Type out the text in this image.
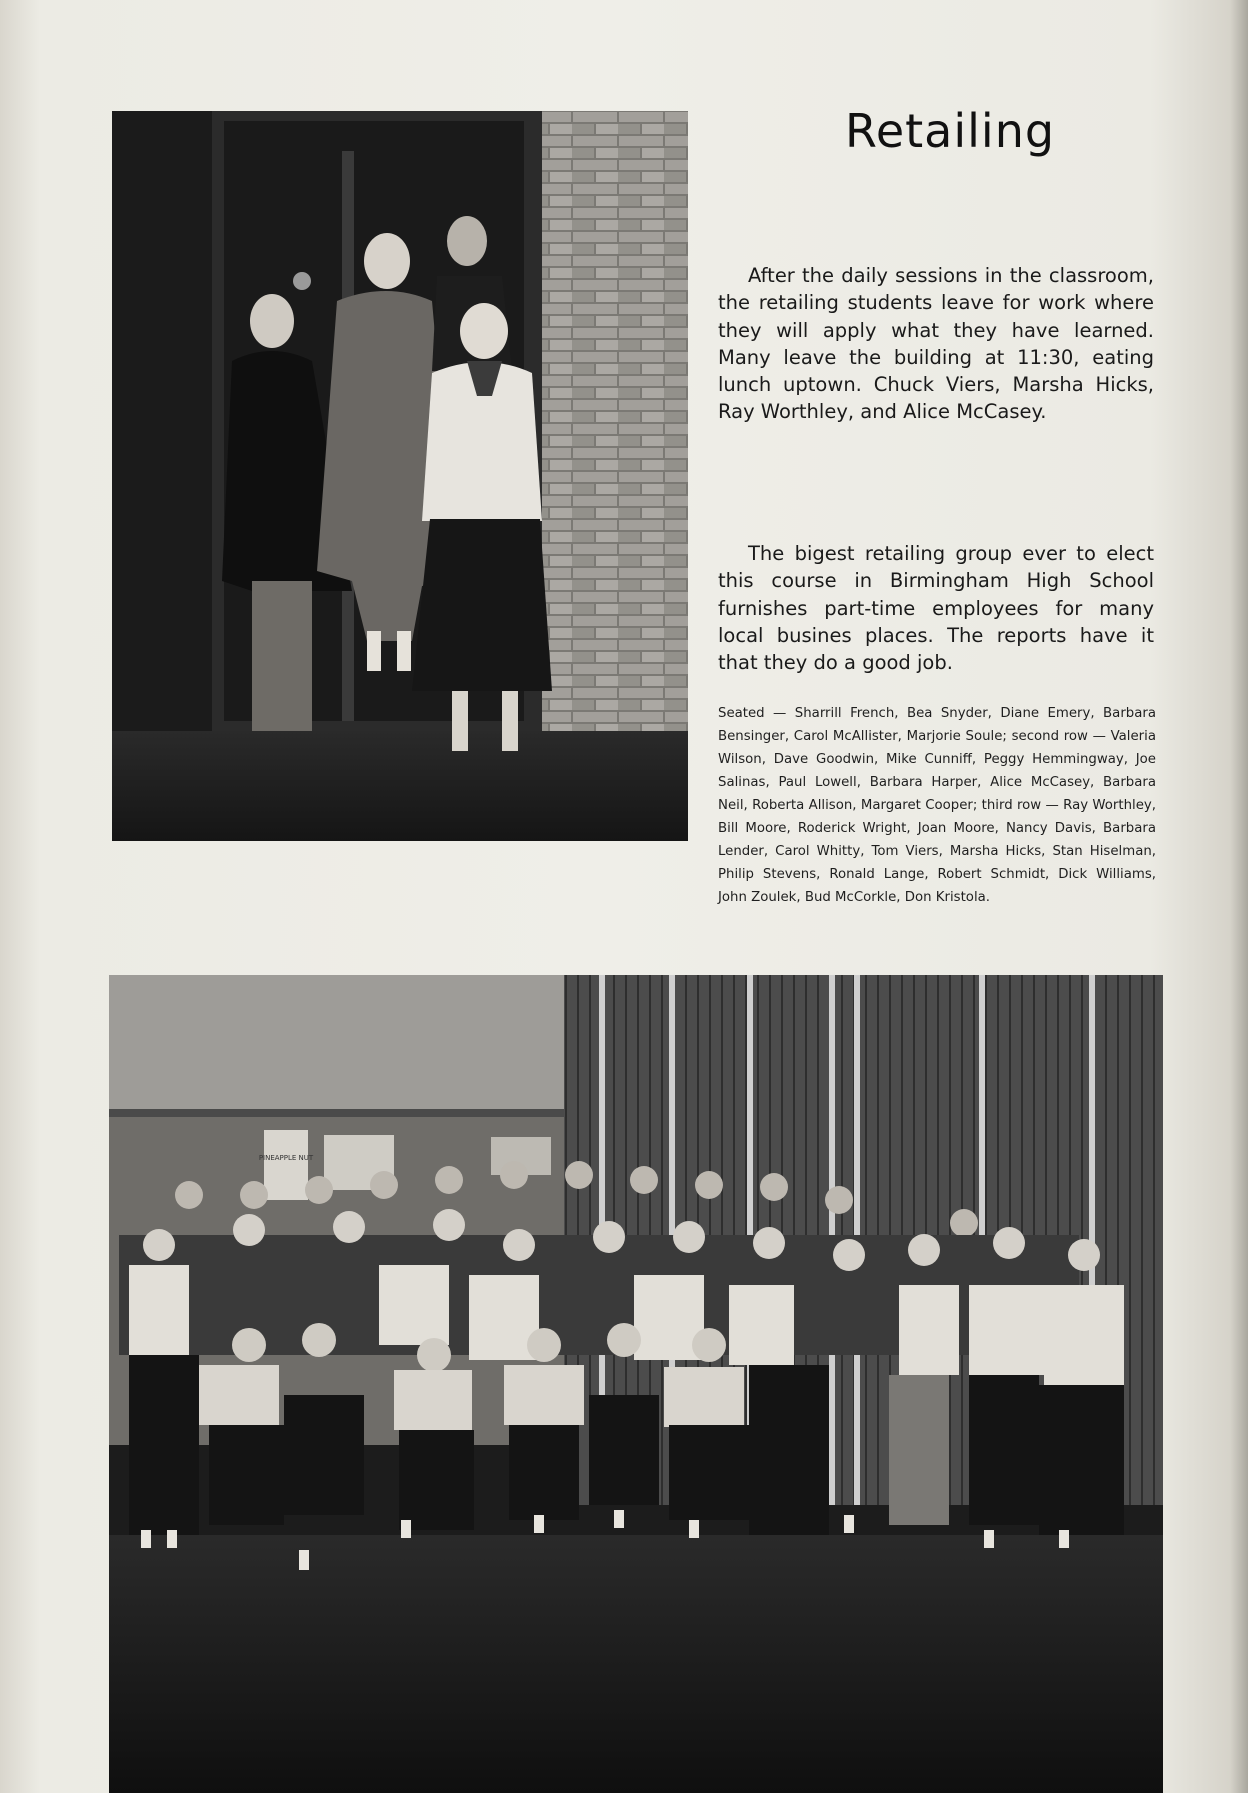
Retailing

After the daily sessions in the classroom, the retailing students leave for work where they will apply what they have learned. Many leave the building at 11:30, eating lunch uptown. Chuck Viers, Marsha Hicks, Ray Worthley, and Alice McCasey.

The bigest retailing group ever to elect this course in Birmingham High School furnishes part-time employees for many local busines places. The reports have it that they do a good job.

Seated — Sharrill French, Bea Snyder, Diane Emery, Barbara Bensinger, Carol McAllister, Marjorie Soule; second row — Valeria Wilson, Dave Goodwin, Mike Cunniff, Peggy Hemmingway, Joe Salinas, Paul Lowell, Barbara Harper, Alice McCasey, Barbara Neil, Roberta Allison, Margaret Cooper; third row — Ray Worthley, Bill Moore, Roderick Wright, Joan Moore, Nancy Davis, Barbara Lender, Carol Whitty, Tom Viers, Marsha Hicks, Stan Hiselman, Philip Stevens, Ronald Lange, Robert Schmidt, Dick Williams, John Zoulek, Bud McCorkle, Don Kristola.

PINEAPPLE NUT
